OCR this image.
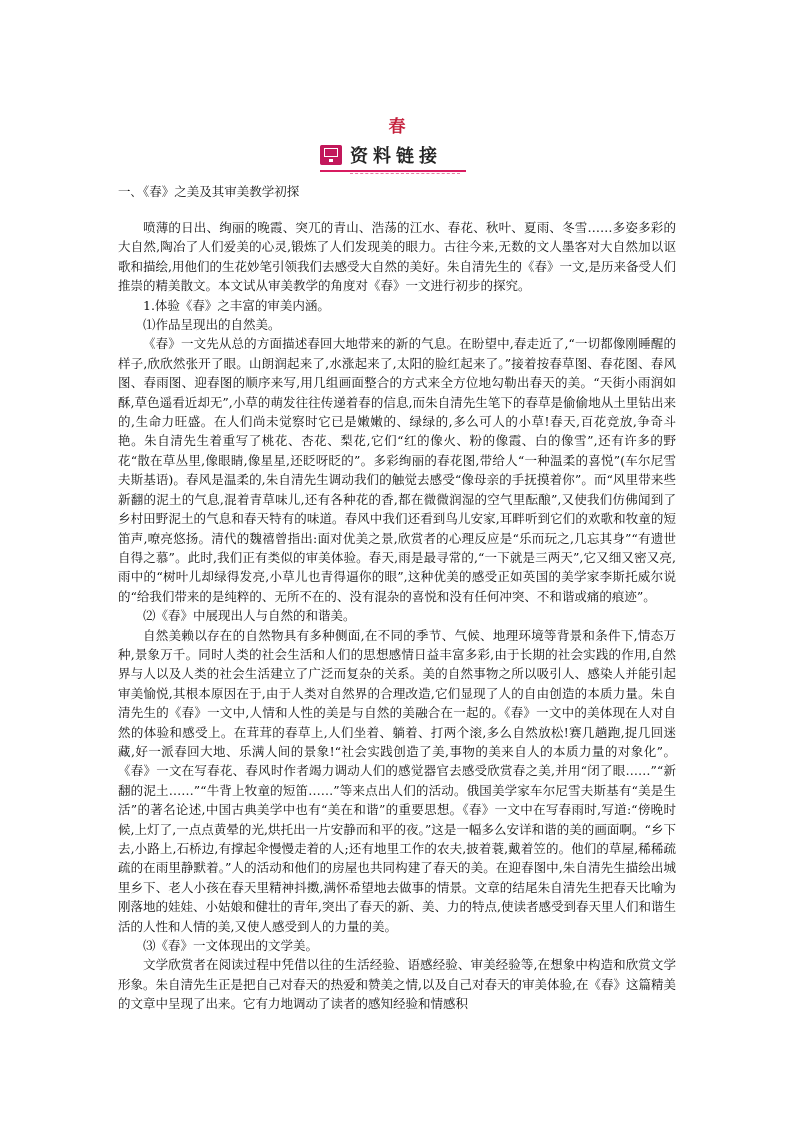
春
资料链接
一､《春》之美及其审美教学初探

喷薄的日出、绚丽的晚霞、突兀的青山、浩荡的江水、春花、秋叶、夏雨、冬雪……多姿多彩的大自然,陶冶了人们爱美的心灵,锻炼了人们发现美的眼力。古往今来,无数的文人墨客对大自然加以讴歌和描绘,用他们的生花妙笔引领我们去感受大自然的美好。朱自清先生的《春》一文,是历来备受人们推崇的精美散文。本文试从审美教学的角度对《春》一文进行初步的探究。

1.体验《春》之丰富的审美内涵。

⑴作品呈现出的自然美。

《春》一文先从总的方面描述春回大地带来的新的气息。在盼望中,春走近了,“一切都像刚睡醒的样子,欣欣然张开了眼。山朗润起来了,水涨起来了,太阳的脸红起来了。”接着按春草图、春花图、春风图、春雨图、迎春图的顺序来写,用几组画面整合的方式来全方位地勾勒出春天的美。“天街小雨润如酥,草色遥看近却无”,小草的萌发往往传递着春的信息,而朱自清先生笔下的春草是偷偷地从土里钻出来的,生命力旺盛。在人们尚未觉察时它已是嫩嫩的、绿绿的,多么可人的小草!春天,百花竞放,争奇斗艳。朱自清先生着重写了桃花、杏花、梨花,它们“红的像火、粉的像霞、白的像雪”,还有许多的野花“散在草丛里,像眼睛,像星星,还眨呀眨的”。多彩绚丽的春花图,带给人“一种温柔的喜悦”(车尔尼雪夫斯基语)。春风是温柔的,朱自清先生调动我们的触觉去感受“像母亲的手抚摸着你”。而“风里带来些新翻的泥土的气息,混着青草味儿,还有各种花的香,都在微微润湿的空气里酝酿”,又使我们仿佛闻到了乡村田野泥土的气息和春天特有的味道。春风中我们还看到鸟儿安家,耳畔听到它们的欢歌和牧童的短笛声,嘹亮悠扬。清代的魏禧曾指出:面对优美之景,欣赏者的心理反应是“乐而玩之,几忘其身”“有遗世自得之慕”。此时,我们正有类似的审美体验。春天,雨是最寻常的,“一下就是三两天”,它又细又密又亮,雨中的“树叶儿却绿得发亮,小草儿也青得逼你的眼”,这种优美的感受正如英国的美学家李斯托威尔说的“给我们带来的是纯粹的、无所不在的、没有混杂的喜悦和没有任何冲突、不和谐或痛的痕迹”。

⑵《春》中展现出人与自然的和谐美。

自然美赖以存在的自然物具有多种侧面,在不同的季节、气候、地理环境等背景和条件下,情态万种,景象万千。同时人类的社会生活和人们的思想感情日益丰富多彩,由于长期的社会实践的作用,自然界与人以及人类的社会生活建立了广泛而复杂的关系。美的自然事物之所以吸引人、感染人并能引起审美愉悦,其根本原因在于,由于人类对自然界的合理改造,它们显现了人的自由创造的本质力量。朱自清先生的《春》一文中,人情和人性的美是与自然的美融合在一起的。《春》一文中的美体现在人对自然的体验和感受上。在茸茸的春草上,人们坐着、躺着、打两个滚,多么自然放松!赛几趟跑,捉几回迷藏,好一派春回大地、乐满人间的景象!“社会实践创造了美,事物的美来自人的本质力量的对象化”。《春》一文在写春花、春风时作者竭力调动人们的感觉器官去感受欣赏春之美,并用“闭了眼……”“新翻的泥土……”“牛背上牧童的短笛……”等来点出人们的活动。俄国美学家车尔尼雪夫斯基有“美是生活”的著名论述,中国古典美学中也有“美在和谐”的重要思想。《春》一文中在写春雨时,写道:“傍晚时候,上灯了,一点点黄晕的光,烘托出一片安静而和平的夜。”这是一幅多么安详和谐的美的画面啊。“乡下去,小路上,石桥边,有撑起伞慢慢走着的人;还有地里工作的农夫,披着蓑,戴着笠的。他们的草屋,稀稀疏疏的在雨里静默着。”人的活动和他们的房屋也共同构建了春天的美。在迎春图中,朱自清先生描绘出城里乡下、老人小孩在春天里精神抖擞,满怀希望地去做事的情景。文章的结尾朱自清先生把春天比喻为刚落地的娃娃、小姑娘和健壮的青年,突出了春天的新、美、力的特点,使读者感受到春天里人们和谐生活的人性和人情的美,又使人感受到人的力量的美。

⑶《春》一文体现出的文学美。

文学欣赏者在阅读过程中凭借以往的生活经验、语感经验、审美经验等,在想象中构造和欣赏文学形象。朱自清先生正是把自己对春天的热爱和赞美之情,以及自己对春天的审美体验,在《春》这篇精美的文章中呈现了出来。它有力地调动了读者的感知经验和情感积
